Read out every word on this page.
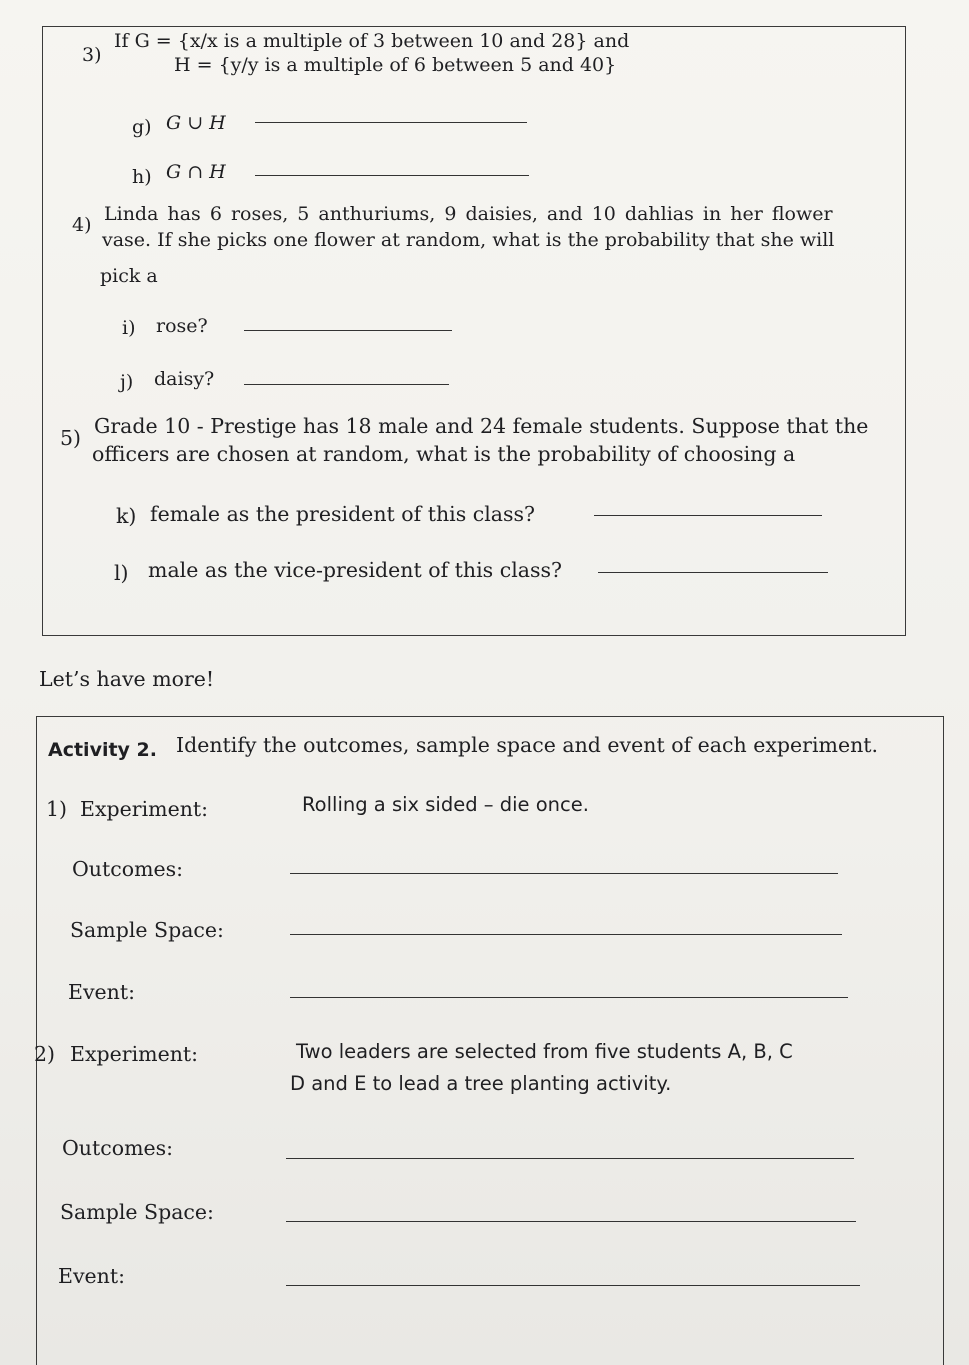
3)
If G = {x/x is a multiple of 3 between 10 and 28} and
H = {y/y is a multiple of 6 between 5 and 40}
g) G ∪ H
h) G ∩ H
4) Linda has 6 roses, 5 anthuriums, 9 daisies, and 10 dahlias in her flower
vase. If she picks one flower at random, what is the probability that she will
pick a
i) rose?
j) daisy?
5) Grade 10 - Prestige has 18 male and 24 female students. Suppose that the
officers are chosen at random, what is the probability of choosing a
k) female as the president of this class?
l) male as the vice-president of this class?
Let’s have more!
Activity 2. Identify the outcomes, sample space and event of each experiment.
1) Experiment:	Rolling a six sided – die once.
Outcomes:
Sample Space:
Event:
2) Experiment:	Two leaders are selected from five students A, B, C
D and E to lead a tree planting activity.
Outcomes:
Sample Space:
Event:
